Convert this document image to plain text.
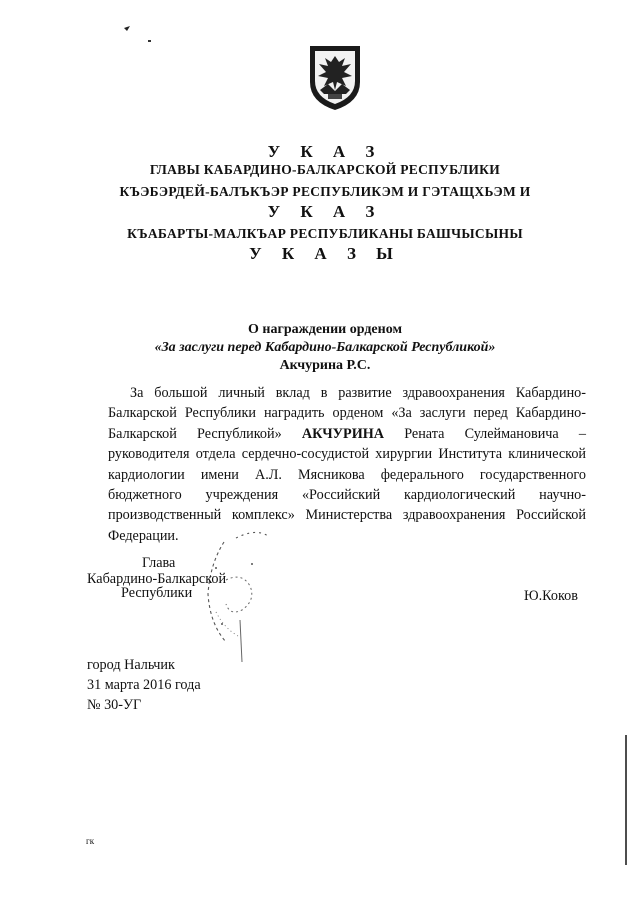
У К А З
ГЛАВЫ КАБАРДИНО-БАЛКАРСКОЙ РЕСПУБЛИКИ
КЪЭБЭРДЕЙ-БАЛЪКЪЭР РЕСПУБЛИКЭМ И ГЭТАЩХЬЭМ И
У К А З
КЪАБАРТЫ-МАЛКЪАР РЕСПУБЛИКАНЫ БАШЧЫСЫНЫ
У К А З Ы
О награждении орденом
«За заслуги перед Кабардино-Балкарской Республикой»
Акчурина Р.С.
За большой личный вклад в развитие здравоохранения Кабардино-Балкарской Республики наградить орденом «За заслуги перед Кабардино-Балкарской Республикой» АКЧУРИНА Рената Сулеймановича – руководителя отдела сердечно-сосудистой хирургии Института клинической кардиологии имени А.Л. Мясникова федерального государственного бюджетного учреждения «Российский кардиологический научно-производственный комплекс» Министерства здравоохранения Российской Федерации.
Глава
Кабардино-Балкарской
Республики	Ю.Коков
город Нальчик
31 марта 2016 года
№ 30-УГ
гк
